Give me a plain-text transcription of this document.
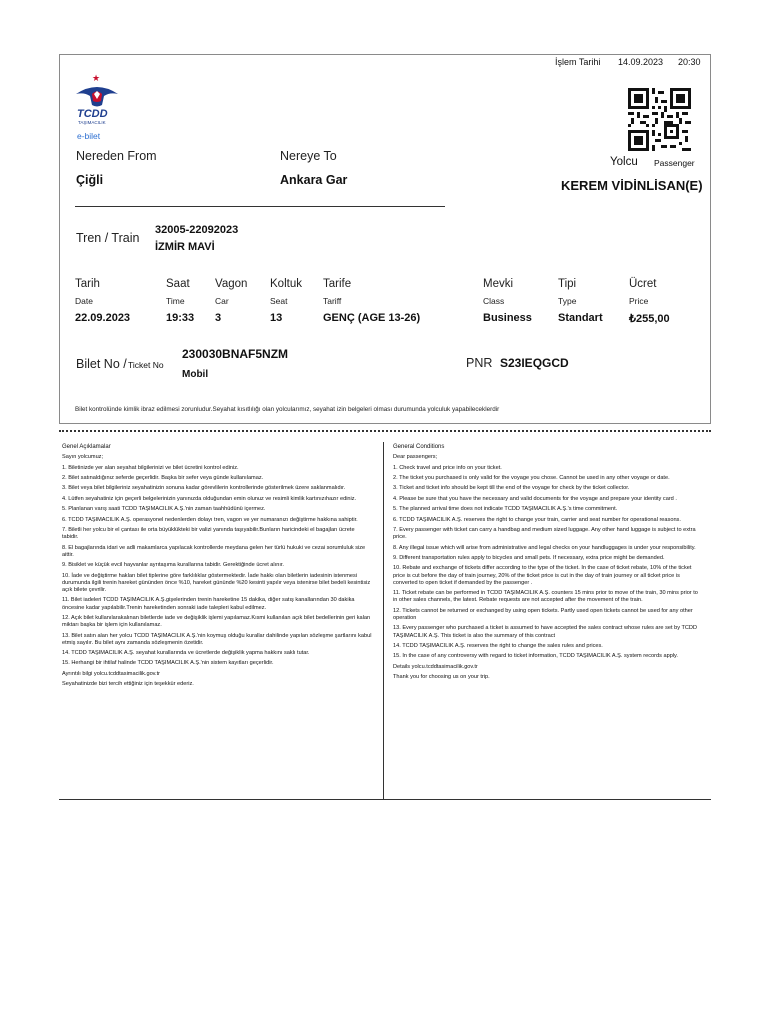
İşlem Tarihi 14.09.2023 20:30
★
TCDD
TAŞIMACILIK
e-bilet
Nereden From	Nereye To
Çiğli	Ankara Gar
Yolcu Passenger
KEREM VİDİNLİSAN(E)
Tren / Train
32005-22092023
İZMİR MAVİ
Tarih
Date
22.09.2023
Saat
Time
19:33
Vagon
Car
3
Koltuk
Seat
13
Tarife
Tariff
GENÇ (AGE 13-26)
Mevki
Class
Business
Tipi
Type
Standart
Ücret
Price
₺255,00
Bilet No / Ticket No
230030BNAF5NZM
Mobil
PNR S23IEQGCD
Bilet kontrolünde kimlik ibraz edilmesi zorunludur.Seyahat kısıtlılığı olan yolcularımız, seyahat izin belgeleri olması durumunda yolculuk yapabileceklerdir
Genel Açıklamalar

Sayın yolcumuz;

1. Biletinizde yer alan seyahat bilgilerinizi ve bilet ücretini kontrol ediniz.

2. Bilet satınaldığınız seferde geçerlidir. Başka bir sefer veya günde kullanılamaz.

3. Bilet veya bilet bilgileriniz seyahatinizin sonuna kadar görevlilerin kontrollerinde gösterilmek üzere saklanmalıdır.

4. Lütfen seyahatiniz için geçerli belgelerinizin yanınızda olduğundan emin olunuz ve resimli kimlik kartınızıhazır ediniz.

5. Planlanan varış saati TCDD TAŞIMACILIK A.Ş.'nin zaman taahhüdünü içermez.

6. TCDD TAŞIMACILIK A.Ş. operasyonel nedenlerden dolayı tren, vagon ve yer numaranızı değiştirme hakkına sahiptir.

7. Biletli her yolcu bir el çantası ile orta büyüklükteki bir valizi yanında taşıyabilir.Bunların haricindeki el bagajları ücrete tabidir.

8. El bagajlarında idari ve adli makamlarca yapılacak kontrollerde meydana gelen her türlü hukuki ve cezai sorumluluk size aittir.

9. Bisiklet ve küçük evcil hayvanlar ayrıtaşıma kurallarına tabidir. Gerektiğinde ücret alınır.

10. İade ve değiştirme hakları bilet tiplerine göre farklılıklar göstermektedir. İade hakkı olan biletlerin iadesinin istenmesi durumunda ilgili trenin hareket gününden önce %10, hareket gününde %20 kesinti yapılır veya istenirse bilet bedeli kesintisiz açık bilete çevrilir.

11. Bilet iadeleri TCDD TAŞIMACILIK A.Ş.gişelerinden trenin hareketine 15 dakika, diğer satış kanallarından 30 dakika öncesine kadar yapılabilir.Trenin hareketinden sonraki iade talepleri kabul edilmez.

12. Açık bilet kullanılarakalınan biletlerde iade ve değişiklik işlemi yapılamaz.Kısmi kullanılan açık bilet bedellerinin geri kalan miktarı başka bir işlem için kullanılamaz.

13. Bilet satın alan her yolcu TCDD TAŞIMACILIK A.Ş.'nin koymuş olduğu kurallar dahilinde yapılan sözleşme şartlarını kabul etmiş sayılır. Bu bilet aynı zamanda sözleşmenin özetidir.

14. TCDD TAŞIMACILIK A.Ş. seyahat kurallarında ve ücretlerde değişiklik yapma hakkını saklı tutar.

15. Herhangi bir ihtilaf halinde TCDD TAŞIMACILIK A.Ş.'nin sistem kayıtları geçerlidir.

Ayrıntılı bilgi yolcu.tcddtasimacilik.gov.tr

Seyahatinizde bizi tercih ettiğiniz için teşekkür ederiz.

General Conditions

Dear passengers;

1. Check travel and price info on your ticket.

2. The ticket you purchased is only valid for the voyage you chose. Cannot be used in any other voyage or date.

3. Ticket and ticket info should be kept till the end of the voyage for check by the ticket collector.

4. Please be sure that you have the necessary and valid documents for the voyage and prepare your identity card .

5. The planned arrival time does not indicate TCDD TAŞIMACILIK A.Ş.'s time commitment.

6. TCDD TAŞIMACILIK A.Ş. reserves the right to change your train, carrier and seat number for operational reasons.

7. Every passenger with ticket can carry a handbag and medium sized luggage. Any other hand luggage is subject to extra price.

8. Any illegal issue which will arise from administrative and legal checks on your handluggages is under your responsibility.

9. Different transportation rules apply to bicycles and small pets. If necessary, extra price might be demanded.

10. Rebate and exchange of tickets differ according to the type of the ticket. In the case of ticket rebate, 10% of the ticket price is cut before the day of train journey, 20% of the ticket price is cut in the day of train journey or all ticket price is converted to open ticket if demanded by the passenger .

11. Ticket rebate can be performed in TCDD TAŞIMACILIK A.Ş. counters 15 mins prior to move of the train, 30 mins prior to in other sales channels, the latest. Rebate requests are not accepted after the movement of the train.

12. Tickets cannot be returned or exchanged by using open tickets. Partly used open tickets cannot be used for any other operation

13. Every passenger who purchased a ticket is assumed to have accepted the sales contract whose rules are set by TCDD TAŞIMACILIK A.Ş. This ticket is also the summary of this contract

14. TCDD TAŞIMACILIK A.Ş. reserves the right to change the sales rules and prices.

15. In the case of any controversy with regard to ticket information, TCDD TAŞIMACILIK A.Ş. system records apply.

Details yolcu.tcddtasimacilik.gov.tr

Thank you for choosing us on your trip.
